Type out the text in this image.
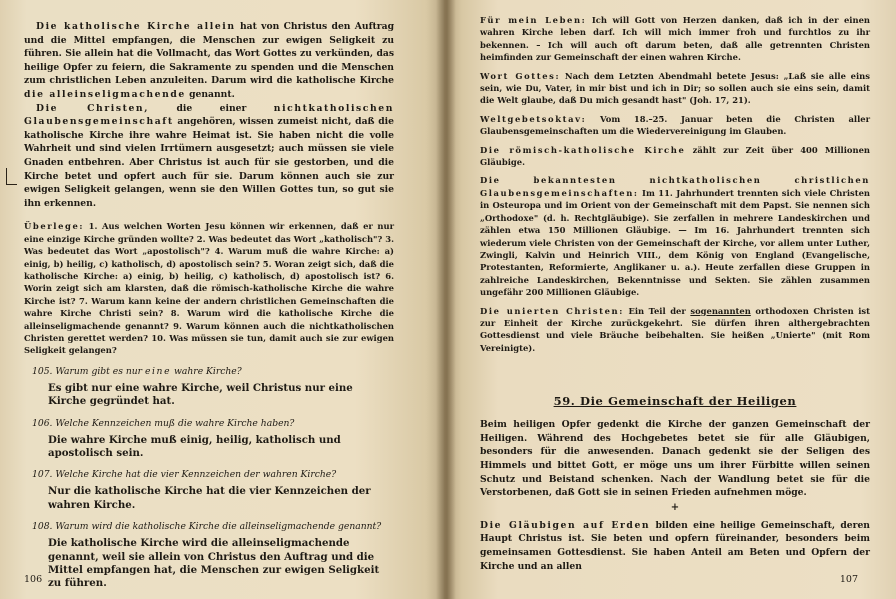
Die katholische Kirche allein hat von Christus den Auftrag und die Mittel empfangen, die Menschen zur ewigen Seligkeit zu führen. Sie allein hat die Vollmacht, das Wort Gottes zu verkünden, das heilige Opfer zu feiern, die Sakramente zu spenden und die Menschen zum christlichen Leben anzuleiten. Darum wird die katholische Kirche die alleinseligmachende genannt.

Die Christen, die einer nichtkatholischen Glaubensgemeinschaft angehören, wissen zumeist nicht, daß die katholische Kirche ihre wahre Heimat ist. Sie haben nicht die volle Wahrheit und sind vielen Irrtümern ausgesetzt; auch müssen sie viele Gnaden entbehren. Aber Christus ist auch für sie gestorben, und die Kirche betet und opfert auch für sie. Darum können auch sie zur ewigen Seligkeit gelangen, wenn sie den Willen Gottes tun, so gut sie ihn erkennen.

Überlege: 1. Aus welchen Worten Jesu können wir erkennen, daß er nur eine einzige Kirche gründen wollte? 2. Was bedeutet das Wort „katholisch"? 3. Was bedeutet das Wort „apostolisch"? 4. Warum muß die wahre Kirche: a) einig, b) heilig, c) katholisch, d) apostolisch sein? 5. Woran zeigt sich, daß die katholische Kirche: a) einig, b) heilig, c) katholisch, d) apostolisch ist? 6. Worin zeigt sich am klarsten, daß die römisch-katholische Kirche die wahre Kirche ist? 7. Warum kann keine der andern christlichen Gemeinschaften die wahre Kirche Christi sein? 8. Warum wird die katholische Kirche die alleinseligmachende genannt? 9. Warum können auch die nichtkatholischen Christen gerettet werden? 10. Was müssen sie tun, damit auch sie zur ewigen Seligkeit gelangen?

105. Warum gibt es nur eine wahre Kirche?

Es gibt nur eine wahre Kirche, weil Christus nur eine Kirche gegründet hat.

106. Welche Kennzeichen muß die wahre Kirche haben?

Die wahre Kirche muß einig, heilig, katholisch und apostolisch sein.

107. Welche Kirche hat die vier Kennzeichen der wahren Kirche?

Nur die katholische Kirche hat die vier Kennzeichen der wahren Kirche.

108. Warum wird die katholische Kirche die alleinseligmachende genannt?

Die katholische Kirche wird die alleinseligmachende genannt, weil sie allein von Christus den Auftrag und die Mittel empfangen hat, die Menschen zur ewigen Seligkeit zu führen.

106

Für mein Leben: Ich will Gott von Herzen danken, daß ich in der einen wahren Kirche leben darf. Ich will mich immer froh und furchtlos zu ihr bekennen. – Ich will auch oft darum beten, daß alle getrennten Christen heimfinden zur Gemeinschaft der einen wahren Kirche.

Wort Gottes: Nach dem Letzten Abendmahl betete Jesus: „Laß sie alle eins sein, wie Du, Vater, in mir bist und ich in Dir; so sollen auch sie eins sein, damit die Welt glaube, daß Du mich gesandt hast" (Joh. 17, 21).

Weltgebetsoktav: Vom 18.–25. Januar beten die Christen aller Glaubensgemeinschaften um die Wiedervereinigung im Glauben.

Die römisch-katholische Kirche zählt zur Zeit über 400 Millionen Gläubige.

Die bekanntesten nichtkatholischen christlichen Glaubensgemeinschaften: Im 11. Jahrhundert trennten sich viele Christen in Osteuropa und im Orient von der Gemeinschaft mit dem Papst. Sie nennen sich „Orthodoxe" (d. h. Rechtgläubige). Sie zerfallen in mehrere Landeskirchen und zählen etwa 150 Millionen Gläubige. — Im 16. Jahrhundert trennten sich wiederum viele Christen von der Gemeinschaft der Kirche, vor allem unter Luther, Zwingli, Kalvin und Heinrich VIII., dem König von England (Evangelische, Protestanten, Reformierte, Anglikaner u. a.). Heute zerfallen diese Gruppen in zahlreiche Landeskirchen, Bekenntnisse und Sekten. Sie zählen zusammen ungefähr 200 Millionen Gläubige.

Die unierten Christen: Ein Teil der sogenannten orthodoxen Christen ist zur Einheit der Kirche zurückgekehrt. Sie dürfen ihren althergebrachten Gottesdienst und viele Bräuche beibehalten. Sie heißen „Unierte" (mit Rom Vereinigte).

59. Die Gemeinschaft der Heiligen

Beim heiligen Opfer gedenkt die Kirche der ganzen Gemeinschaft der Heiligen. Während des Hochgebetes betet sie für alle Gläubigen, besonders für die anwesenden. Danach gedenkt sie der Seligen des Himmels und bittet Gott, er möge uns um ihrer Fürbitte willen seinen Schutz und Beistand schenken. Nach der Wandlung betet sie für die Verstorbenen, daß Gott sie in seinen Frieden aufnehmen möge.

+

Die Gläubigen auf Erden bilden eine heilige Gemeinschaft, deren Haupt Christus ist. Sie beten und opfern füreinander, besonders beim gemeinsamen Gottesdienst. Sie haben Anteil am Beten und Opfern der Kirche und an allen

107
